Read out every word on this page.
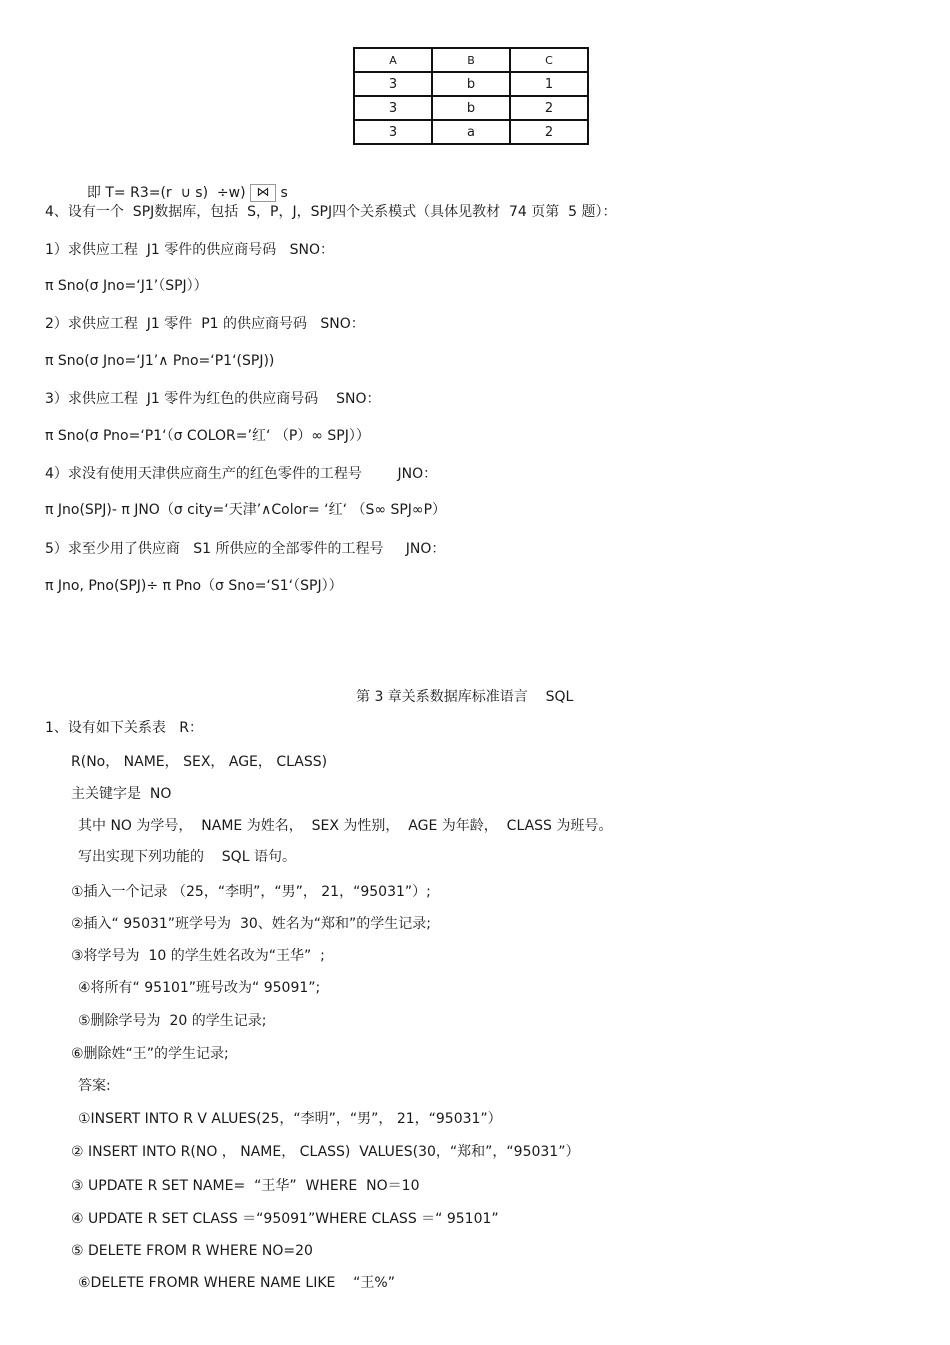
A	B	C
3	b	1
3	b	2
3	a	2

即 T= R3=(r  ∪ s)  ÷w) ⋈ s

4、设有一个  SPJ数据库，包括  S，P，J，SPJ四个关系模式（具体见教材  74 页第  5 题）：
1）求供应工程  J1 零件的供应商号码   SNO：
π Sno(σ Jno=‘J1’（SPJ））
2）求供应工程  J1 零件  P1 的供应商号码   SNO：
π Sno(σ Jno=‘J1’∧ Pno=‘P1‘(SPJ))
3）求供应工程  J1 零件为红色的供应商号码    SNO：
π Sno(σ Pno=‘P1‘（σ COLOR=’红‘ （P）∞ SPJ））
4）求没有使用天津供应商生产的红色零件的工程号        JNO：
π Jno(SPJ)- π JNO（σ city=‘天津’∧Color= ‘红‘ （S∞ SPJ∞P）
5）求至少用了供应商   S1 所供应的全部零件的工程号     JNO：
π Jno, Pno(SPJ)÷ π Pno（σ Sno=‘S1‘（SPJ））
第 3 章关系数据库标准语言    SQL
1、设有如下关系表   R：
R(No， NAME， SEX， AGE， CLASS)
主关键字是  NO
其中 NO 为学号，  NAME 为姓名，  SEX 为性别，  AGE 为年龄，  CLASS 为班号。
写出实现下列功能的    SQL 语句。
①插入一个记录 （25，“李明”，“男”， 21，“95031”）;
②插入“ 95031”班学号为  30、姓名为“郑和”的学生记录;
③将学号为  10 的学生姓名改为“王华”  ;
④将所有“ 95101”班号改为“ 95091”;
⑤删除学号为  20 的学生记录;
⑥删除姓“王”的学生记录;
答案:
①INSERT INTO R V ALUES(25，“李明”，“男”， 21，“95031”）
② INSERT INTO R(NO ， NAME， CLASS)  VALUES(30，“郑和”，“95031”）
③ UPDATE R SET NAME=  “王华”  WHERE  NO＝10
④ UPDATE R SET CLASS ＝“95091”WHERE CLASS ＝“ 95101”
⑤ DELETE FROM R WHERE NO=20
⑥DELETE FROMR WHERE NAME LIKE    “王%”
